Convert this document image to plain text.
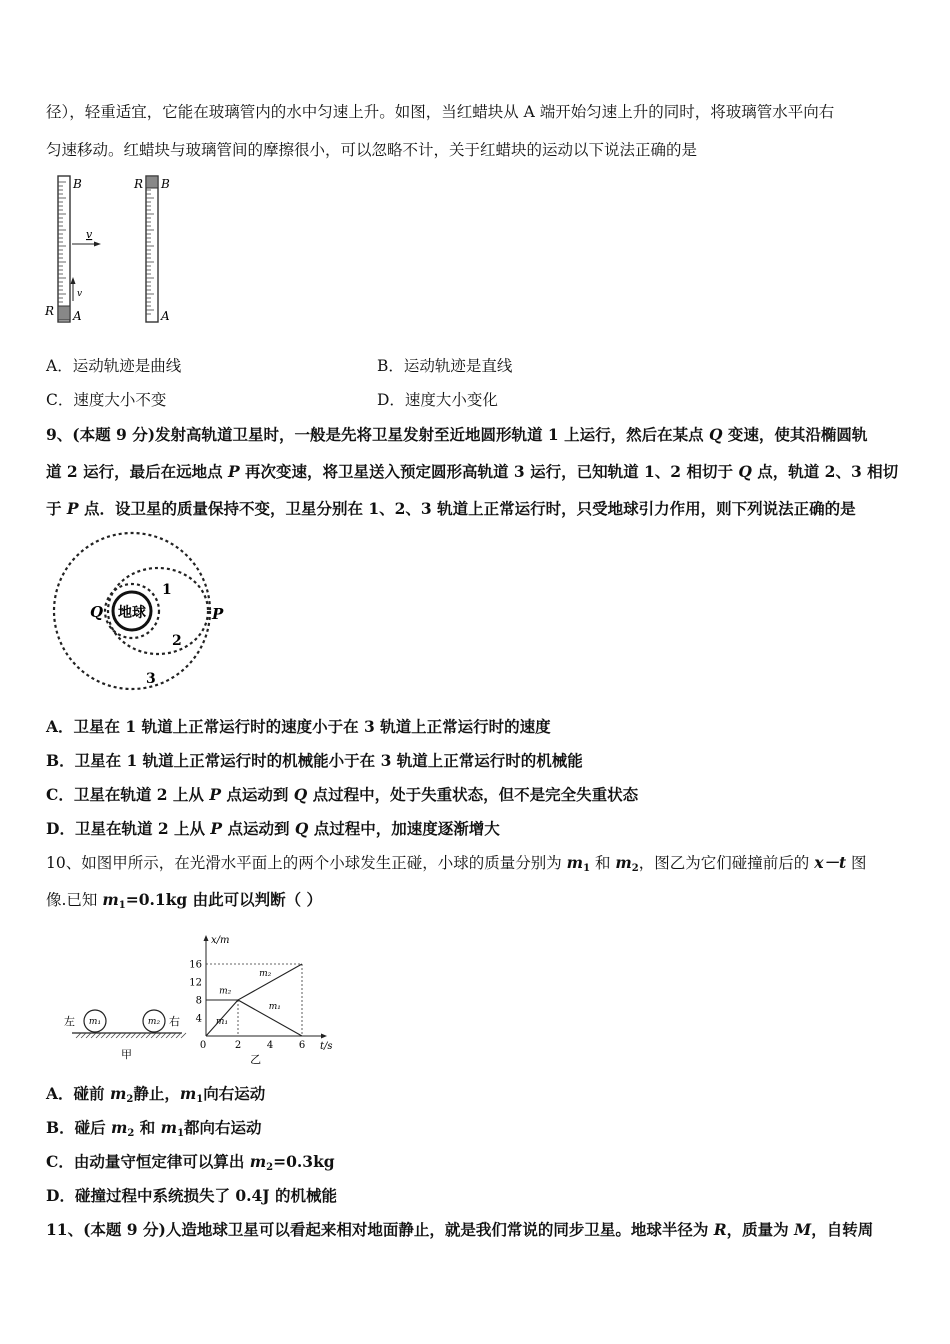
径），轻重适宜，它能在玻璃管内的水中匀速上升。如图，当红蜡块从 A 端开始匀速上升的同时，将玻璃管水平向右
匀速移动。红蜡块与玻璃管间的摩擦很小，可以忽略不计，关于红蜡块的运动以下说法正确的是
B
R A
v
v
R B
A
A．运动轨迹是曲线	B．运动轨迹是直线
C．速度大小不变	D．速度大小变化
9、(本题 9 分)发射高轨道卫星时，一般是先将卫星发射至近地圆形轨道 1 上运行，然后在某点 Q 变速，使其沿椭圆轨
道 2 运行，最后在远地点 P 再次变速，将卫星送入预定圆形高轨道 3 运行，已知轨道 1、2 相切于 Q 点，轨道 2、3 相切
于 P 点．设卫星的质量保持不变，卫星分别在 1、2、3 轨道上正常运行时，只受地球引力作用，则下列说法正确的是
地球
Q	P
1
2
3
A．卫星在 1 轨道上正常运行时的速度小于在 3 轨道上正常运行时的速度
B．卫星在 1 轨道上正常运行时的机械能小于在 3 轨道上正常运行时的机械能
C．卫星在轨道 2 上从 P 点运动到 Q 点过程中，处于失重状态，但不是完全失重状态
D．卫星在轨道 2 上从 P 点运动到 Q 点过程中，加速度逐渐增大
10、如图甲所示，在光滑水平面上的两个小球发生正碰，小球的质量分别为 $m_1$ 和 $m_2$，图乙为它们碰撞前后的 x－t 图
像.已知 $m_1=0.1kg$ 由此可以判断（ ）
m₁	m₂
左	右
甲
x/m
t/s
0	2	4	6
4
8
12
16
m₁
m₂
m₂
m₁
乙
A．碰前 $m_2$静止，$m_1$向右运动
B．碰后 $m_2$ 和 $m_1$都向右运动
C．由动量守恒定律可以算出 $m_2=0.3kg$
D．碰撞过程中系统损失了 0.4J 的机械能
11、(本题 9 分)人造地球卫星可以看起来相对地面静止，就是我们常说的同步卫星。地球半径为 R，质量为 M，自转周
